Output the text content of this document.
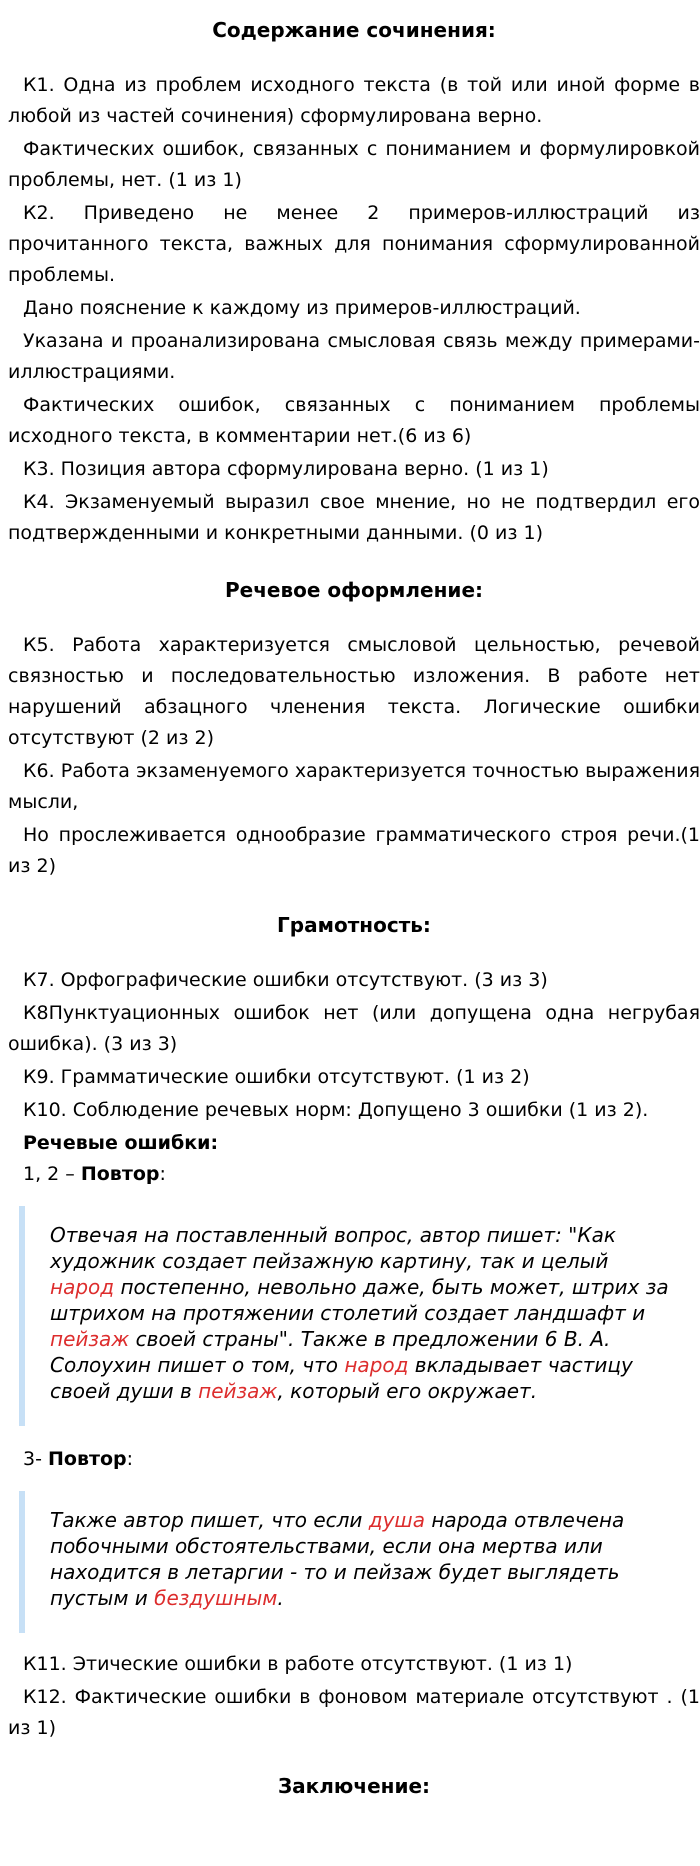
Содержание сочинения:

К1. Одна из проблем исходного текста (в той или иной форме в любой из частей сочинения) сформулирована верно.

Фактических ошибок, связанных с пониманием и формулировкой проблемы, нет. (1 из 1)

К2. Приведено не менее 2 примеров-иллюстраций из прочитанного текста, важных для понимания сформулированной проблемы.

Дано пояснение к каждому из примеров-иллюстраций.

Указана и проанализирована смысловая связь между примерами-иллюстрациями.

Фактических ошибок, связанных с пониманием проблемы исходного текста, в комментарии нет.(6 из 6)

К3. Позиция автора сформулирована верно. (1 из 1)

К4. Экзаменуемый выразил свое мнение, но не подтвердил его подтвержденными и конкретными данными. (0 из 1)

Речевое оформление:

К5. Работа характеризуется смысловой цельностью, речевой связностью и последовательностью изложения. В работе нет нарушений абзацного членения текста. Логические ошибки отсутствуют (2 из 2)

К6. Работа экзаменуемого характеризуется точностью выражения мысли,

Но прослеживается однообразие грамматического строя речи.(1 из 2)

Грамотность:

К7. Орфографические ошибки отсутствуют. (3 из 3)

К8Пунктуационных ошибок нет (или допущена одна негрубая ошибка). (3 из 3)

К9. Грамматические ошибки отсутствуют. (1 из 2)

К10. Соблюдение речевых норм: Допущено 3 ошибки (1 из 2).

Речевые ошибки:

1, 2 – Повтор:

Отвечая на поставленный вопрос, автор пишет: "Как художник создает пейзажную картину, так и целый народ постепенно, невольно даже, быть может, штрих за штрихом на протяжении столетий создает ландшафт и пейзаж своей страны". Также в предложении 6 В. А. Солоухин пишет о том, что народ вкладывает частицу своей души в пейзаж, который его окружает.

3- Повтор:

Также автор пишет, что если душа народа отвлечена побочными обстоятельствами, если она мертва или находится в летаргии - то и пейзаж будет выглядеть пустым и бездушным.

К11. Этические ошибки в работе отсутствуют. (1 из 1)

К12. Фактические ошибки в фоновом материале отсутствуют . (1 из 1)

Заключение:
